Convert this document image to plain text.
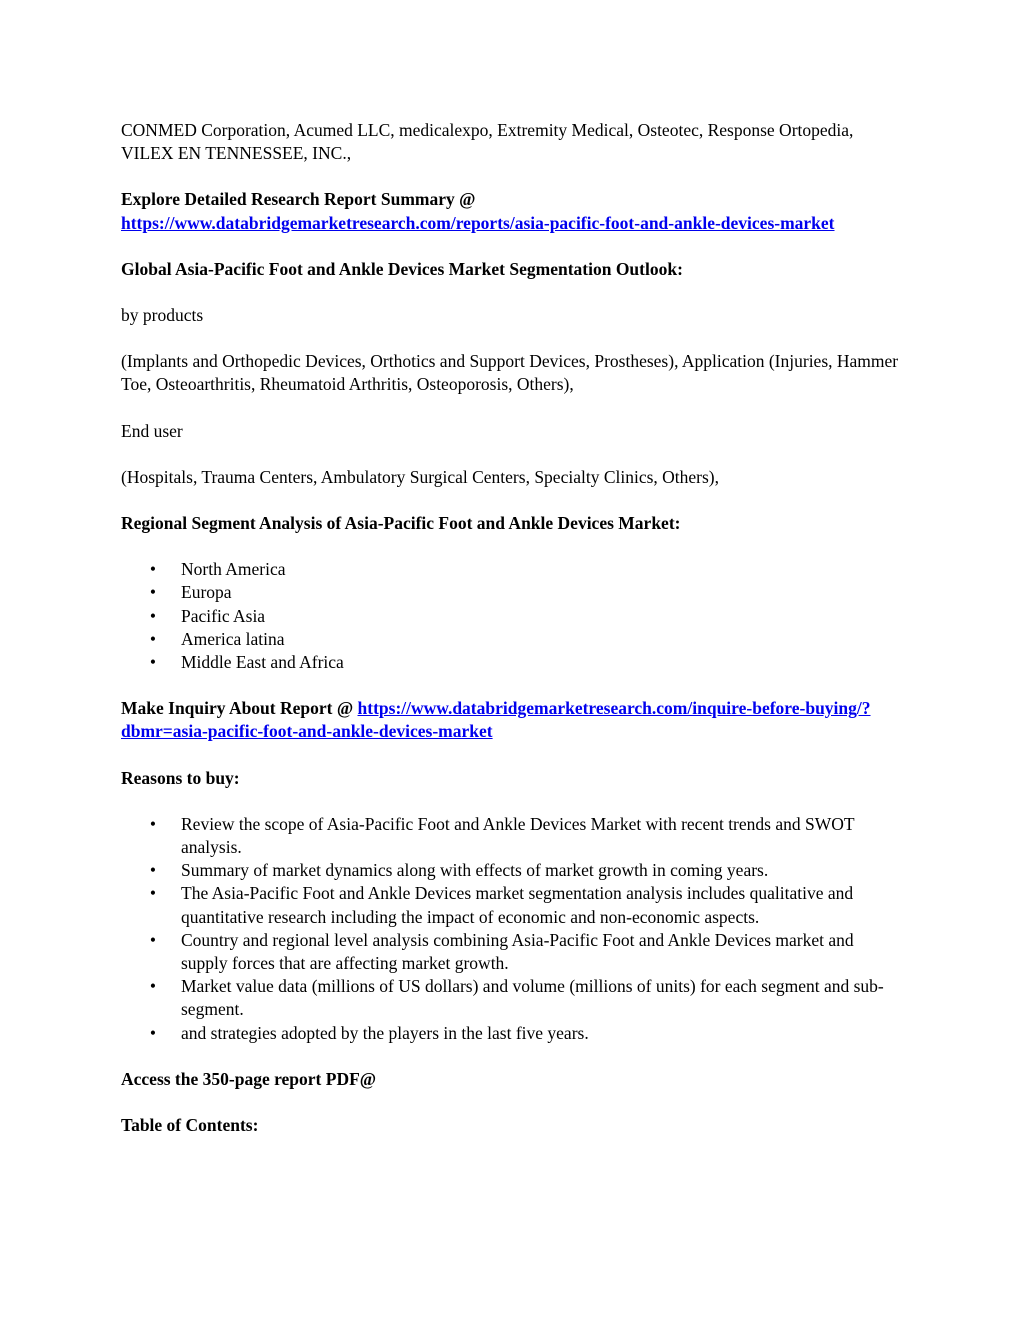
CONMED Corporation, Acumed LLC, medicalexpo, Extremity Medical, Osteotec, Response Ortopedia, VILEX EN TENNESSEE, INC.,

Explore Detailed Research Report Summary @
https://www.databridgemarketresearch.com/reports/asia-pacific-foot-and-ankle-devices-market

Global Asia-Pacific Foot and Ankle Devices Market Segmentation Outlook:

by products

(Implants and Orthopedic Devices, Orthotics and Support Devices, Prostheses), Application (Injuries, Hammer Toe, Osteoarthritis, Rheumatoid Arthritis, Osteoporosis, Others),

End user

(Hospitals, Trauma Centers, Ambulatory Surgical Centers, Specialty Clinics, Others),

Regional Segment Analysis of Asia-Pacific Foot and Ankle Devices Market:

• North America
• Europa
• Pacific Asia
• America latina
• Middle East and Africa

Make Inquiry About Report @ https://www.databridgemarketresearch.com/inquire-before-buying/?dbmr=asia-pacific-foot-and-ankle-devices-market

Reasons to buy:

• Review the scope of Asia-Pacific Foot and Ankle Devices Market with recent trends and SWOT analysis.
• Summary of market dynamics along with effects of market growth in coming years.
• The Asia-Pacific Foot and Ankle Devices market segmentation analysis includes qualitative and quantitative research including the impact of economic and non-economic aspects.
• Country and regional level analysis combining Asia-Pacific Foot and Ankle Devices market and supply forces that are affecting market growth.
• Market value data (millions of US dollars) and volume (millions of units) for each segment and sub-segment.
• and strategies adopted by the players in the last five years.

Access the 350-page report PDF@

Table of Contents:
